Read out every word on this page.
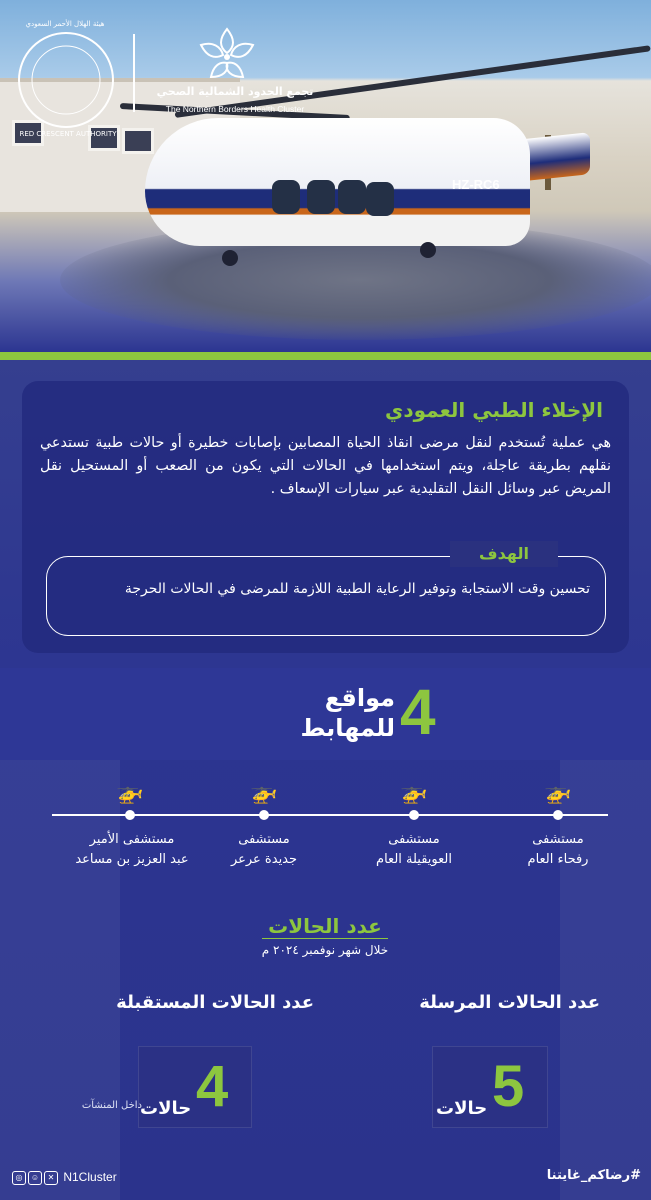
HZ-RC6
RED CRESCENT AUTHORITY
هيئة الهلال الأحمر السعودي
تجمع الحدود الشمالية الصحي
The Northern Borders Health Cluster
الإخلاء الطبي العمودي
هي عملية تُستخدم لنقل مرضى انقاذ الحياة المصابين بإصابات خطيرة أو حالات طبية تستدعي نقلهم بطريقة عاجلة، ويتم استخدامها في الحالات التي يكون من الصعب أو المستحيل نقل المريض عبر وسائل النقل التقليدية عبر سيارات الإسعاف .
الهدف
تحسين وقت الاستجابة وتوفير الرعاية الطبية اللازمة للمرضى في الحالات الحرجة
4
مواقع
للمهابط
🚁
🚁
🚁
🚁
مستشفى
رفحاء العام
مستشفى
العويقيلة العام
مستشفى
جديدة عرعر
مستشفى الأمير
عبد العزيز بن مساعد
عدد الحالات
خلال شهر نوفمبر ٢٠٢٤ م
عدد الحالات المرسلة
عدد الحالات المستقبلة
5
حالات
4
حالات
داخل المنشآت
◎ ☺ ✕ N1Cluster	#رضاكم_غايتنا
